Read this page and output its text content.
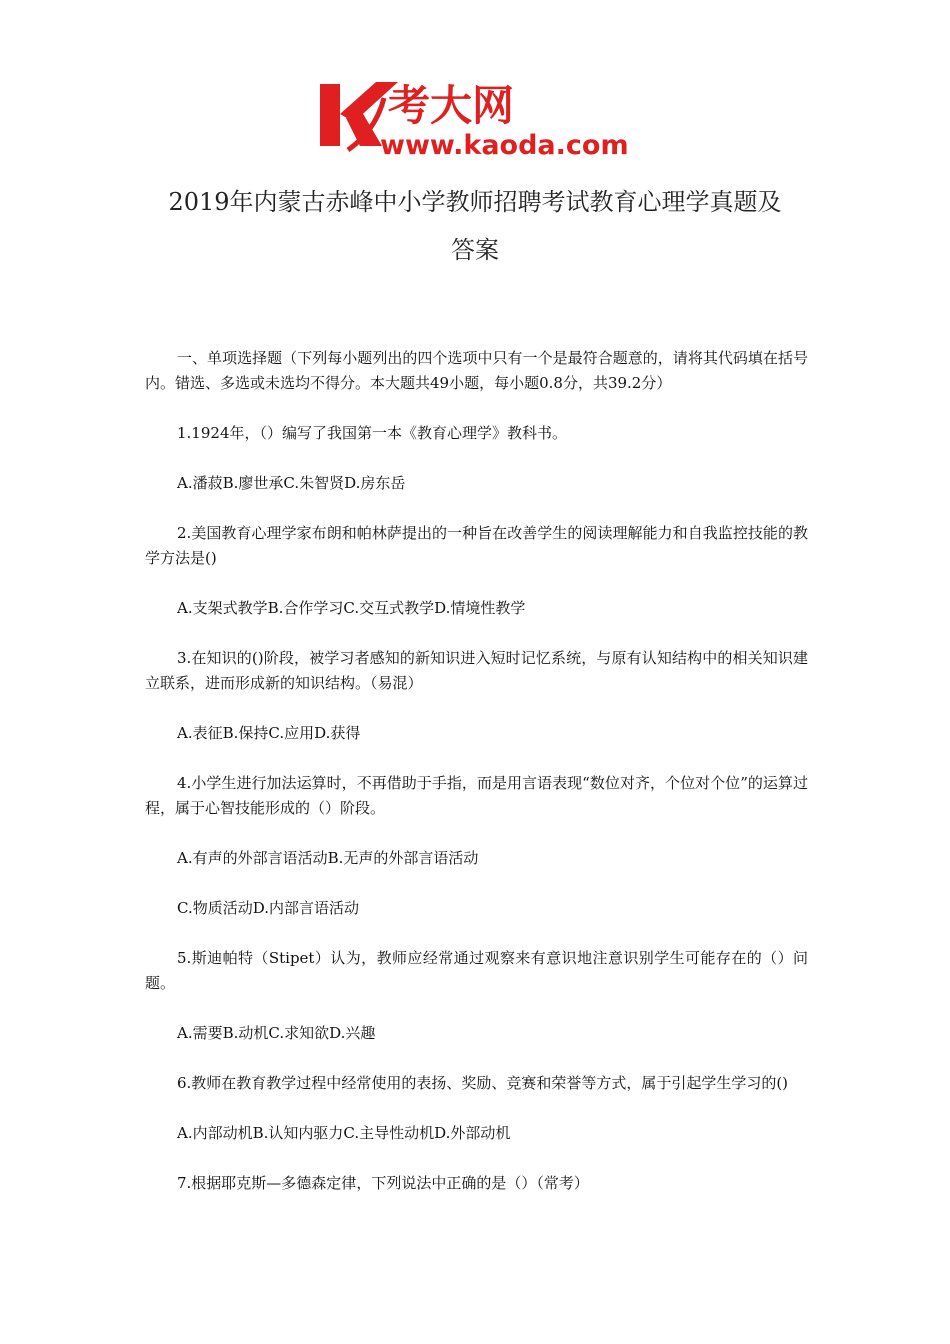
考大网
www.kaoda.com
2019年内蒙古赤峰中小学教师招聘考试教育心理学真题及
答案

一、单项选择题（下列每小题列出的四个选项中只有一个是最符合题意的，请将其代码填在括号内。错选、多选或未选均不得分。本大题共49小题，每小题0.8分，共39.2分）

1.1924年，（）编写了我国第一本《教育心理学》教科书。

A.潘菽B.廖世承C.朱智贤D.房东岳

2.美国教育心理学家布朗和帕林萨提出的一种旨在改善学生的阅读理解能力和自我监控技能的教学方法是()

A.支架式教学B.合作学习C.交互式教学D.情境性教学

3.在知识的()阶段，被学习者感知的新知识进入短时记忆系统，与原有认知结构中的相关知识建立联系，进而形成新的知识结构。（易混）

A.表征B.保持C.应用D.获得

4.小学生进行加法运算时，不再借助于手指，而是用言语表现“数位对齐，个位对个位”的运算过程，属于心智技能形成的（）阶段。

A.有声的外部言语活动B.无声的外部言语活动

C.物质活动D.内部言语活动

5.斯迪帕特（Stipet）认为，教师应经常通过观察来有意识地注意识别学生可能存在的（）问题。

A.需要B.动机C.求知欲D.兴趣

6.教师在教育教学过程中经常使用的表扬、奖励、竞赛和荣誉等方式，属于引起学生学习的()

A.内部动机B.认知内驱力C.主导性动机D.外部动机

7.根据耶克斯—多德森定律，下列说法中正确的是（）（常考）
